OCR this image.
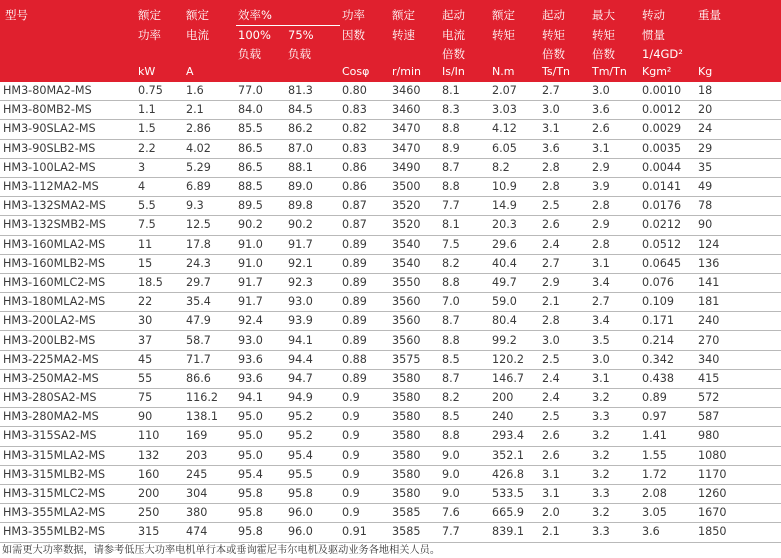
型号	额定	额定	效率%		功率	额定	起动	额定	起动	最大	转动	重量
	功率	电流	100%	75%	因数	转速	电流	转矩	转矩	转矩	惯量	
			负载	负载			倍数		倍数	倍数	1/4GD²	
	kW	A			Cosφ	r/min	Is/In	N.m	Ts/Tn	Tm/Tn	Kgm²	Kg
HM3-80MA2-MS	0.75	1.6	77.0	81.3	0.80	3460	8.1	2.07	2.7	3.0	0.0010	18
HM3-80MB2-MS	1.1	2.1	84.0	84.5	0.83	3460	8.3	3.03	3.0	3.6	0.0012	20
HM3-90SLA2-MS	1.5	2.86	85.5	86.2	0.82	3470	8.8	4.12	3.1	2.6	0.0029	24
HM3-90SLB2-MS	2.2	4.02	86.5	87.0	0.83	3470	8.9	6.05	3.6	3.1	0.0035	29
HM3-100LA2-MS	3	5.29	86.5	88.1	0.86	3490	8.7	8.2	2.8	2.9	0.0044	35
HM3-112MA2-MS	4	6.89	88.5	89.0	0.86	3500	8.8	10.9	2.8	3.9	0.0141	49
HM3-132SMA2-MS	5.5	9.3	89.5	89.8	0.87	3520	7.7	14.9	2.5	2.8	0.0176	78
HM3-132SMB2-MS	7.5	12.5	90.2	90.2	0.87	3520	8.1	20.3	2.6	2.9	0.0212	90
HM3-160MLA2-MS	11	17.8	91.0	91.7	0.89	3540	7.5	29.6	2.4	2.8	0.0512	124
HM3-160MLB2-MS	15	24.3	91.0	92.1	0.89	3540	8.2	40.4	2.7	3.1	0.0645	136
HM3-160MLC2-MS	18.5	29.7	91.7	92.3	0.89	3550	8.8	49.7	2.9	3.4	0.076	141
HM3-180MLA2-MS	22	35.4	91.7	93.0	0.89	3560	7.0	59.0	2.1	2.7	0.109	181
HM3-200LA2-MS	30	47.9	92.4	93.9	0.89	3560	8.7	80.4	2.8	3.4	0.171	240
HM3-200LB2-MS	37	58.7	93.0	94.1	0.89	3560	8.8	99.2	3.0	3.5	0.214	270
HM3-225MA2-MS	45	71.7	93.6	94.4	0.88	3575	8.5	120.2	2.5	3.0	0.342	340
HM3-250MA2-MS	55	86.6	93.6	94.7	0.89	3580	8.7	146.7	2.4	3.1	0.438	415
HM3-280SA2-MS	75	116.2	94.1	94.9	0.9	3580	8.2	200	2.4	3.2	0.89	572
HM3-280MA2-MS	90	138.1	95.0	95.2	0.9	3580	8.5	240	2.5	3.3	0.97	587
HM3-315SA2-MS	110	169	95.0	95.2	0.9	3580	8.8	293.4	2.6	3.2	1.41	980
HM3-315MLA2-MS	132	203	95.0	95.4	0.9	3580	9.0	352.1	2.6	3.2	1.55	1080
HM3-315MLB2-MS	160	245	95.4	95.5	0.9	3580	9.0	426.8	3.1	3.2	1.72	1170
HM3-315MLC2-MS	200	304	95.8	95.8	0.9	3580	9.0	533.5	3.1	3.3	2.08	1260
HM3-355MLA2-MS	250	380	95.8	96.0	0.9	3585	7.6	665.9	2.0	3.2	3.05	1670
HM3-355MLB2-MS	315	474	95.8	96.0	0.91	3585	7.7	839.1	2.1	3.3	3.6	1850
如需更大功率数据，请参考低压大功率电机单行本或垂询霍尼韦尔电机及驱动业务各地相关人员。
